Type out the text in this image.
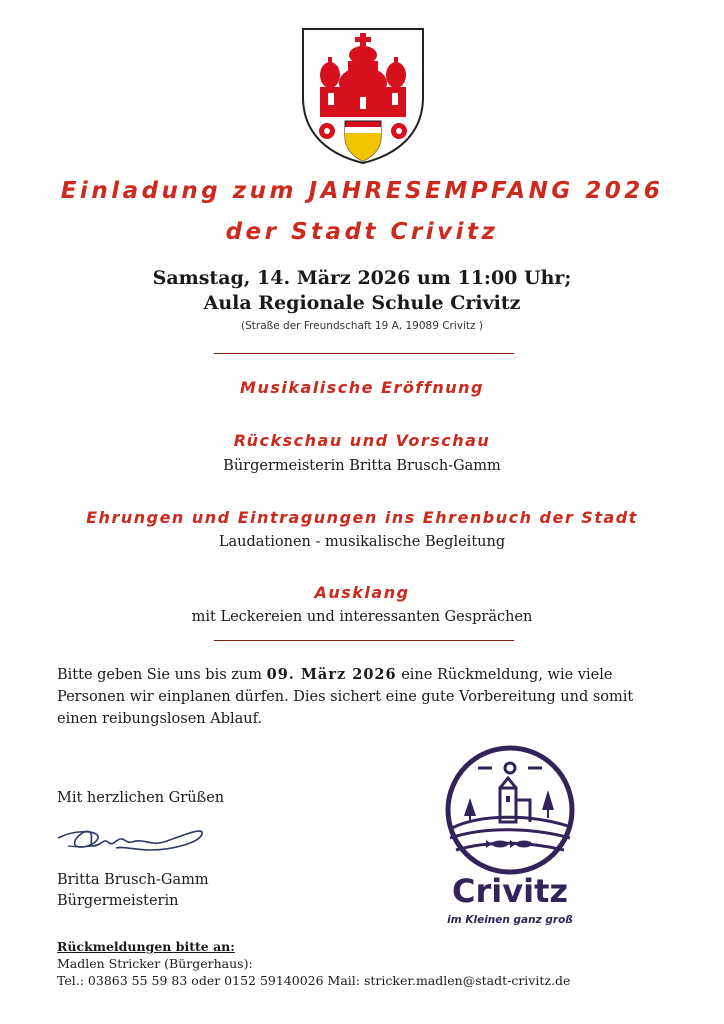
Einladung zum JAHRESEMPFANG 2026
der Stadt Crivitz
Samstag, 14. März 2026 um 11:00 Uhr;
Aula Regionale Schule Crivitz
(Straße der Freundschaft 19 A, 19089 Crivitz )
Musikalische Eröffnung
Rückschau und Vorschau
Bürgermeisterin Britta Brusch-Gamm
Ehrungen und Eintragungen ins Ehrenbuch der Stadt
Laudationen - musikalische Begleitung
Ausklang
mit Leckereien und interessanten Gesprächen
Bitte geben Sie uns bis zum 09. März 2026 eine Rückmeldung, wie viele Personen wir einplanen dürfen. Dies sichert eine gute Vorbereitung und somit einen reibungslosen Ablauf.
Mit herzlichen Grüßen
Britta Brusch-Gamm
Bürgermeisterin
Rückmeldungen bitte an:
Madlen Stricker (Bürgerhaus):
Tel.: 03863 55 59 83 oder 0152 59140026 Mail: stricker.madlen@stadt-crivitz.de
Crivitz
im Kleinen ganz groß
